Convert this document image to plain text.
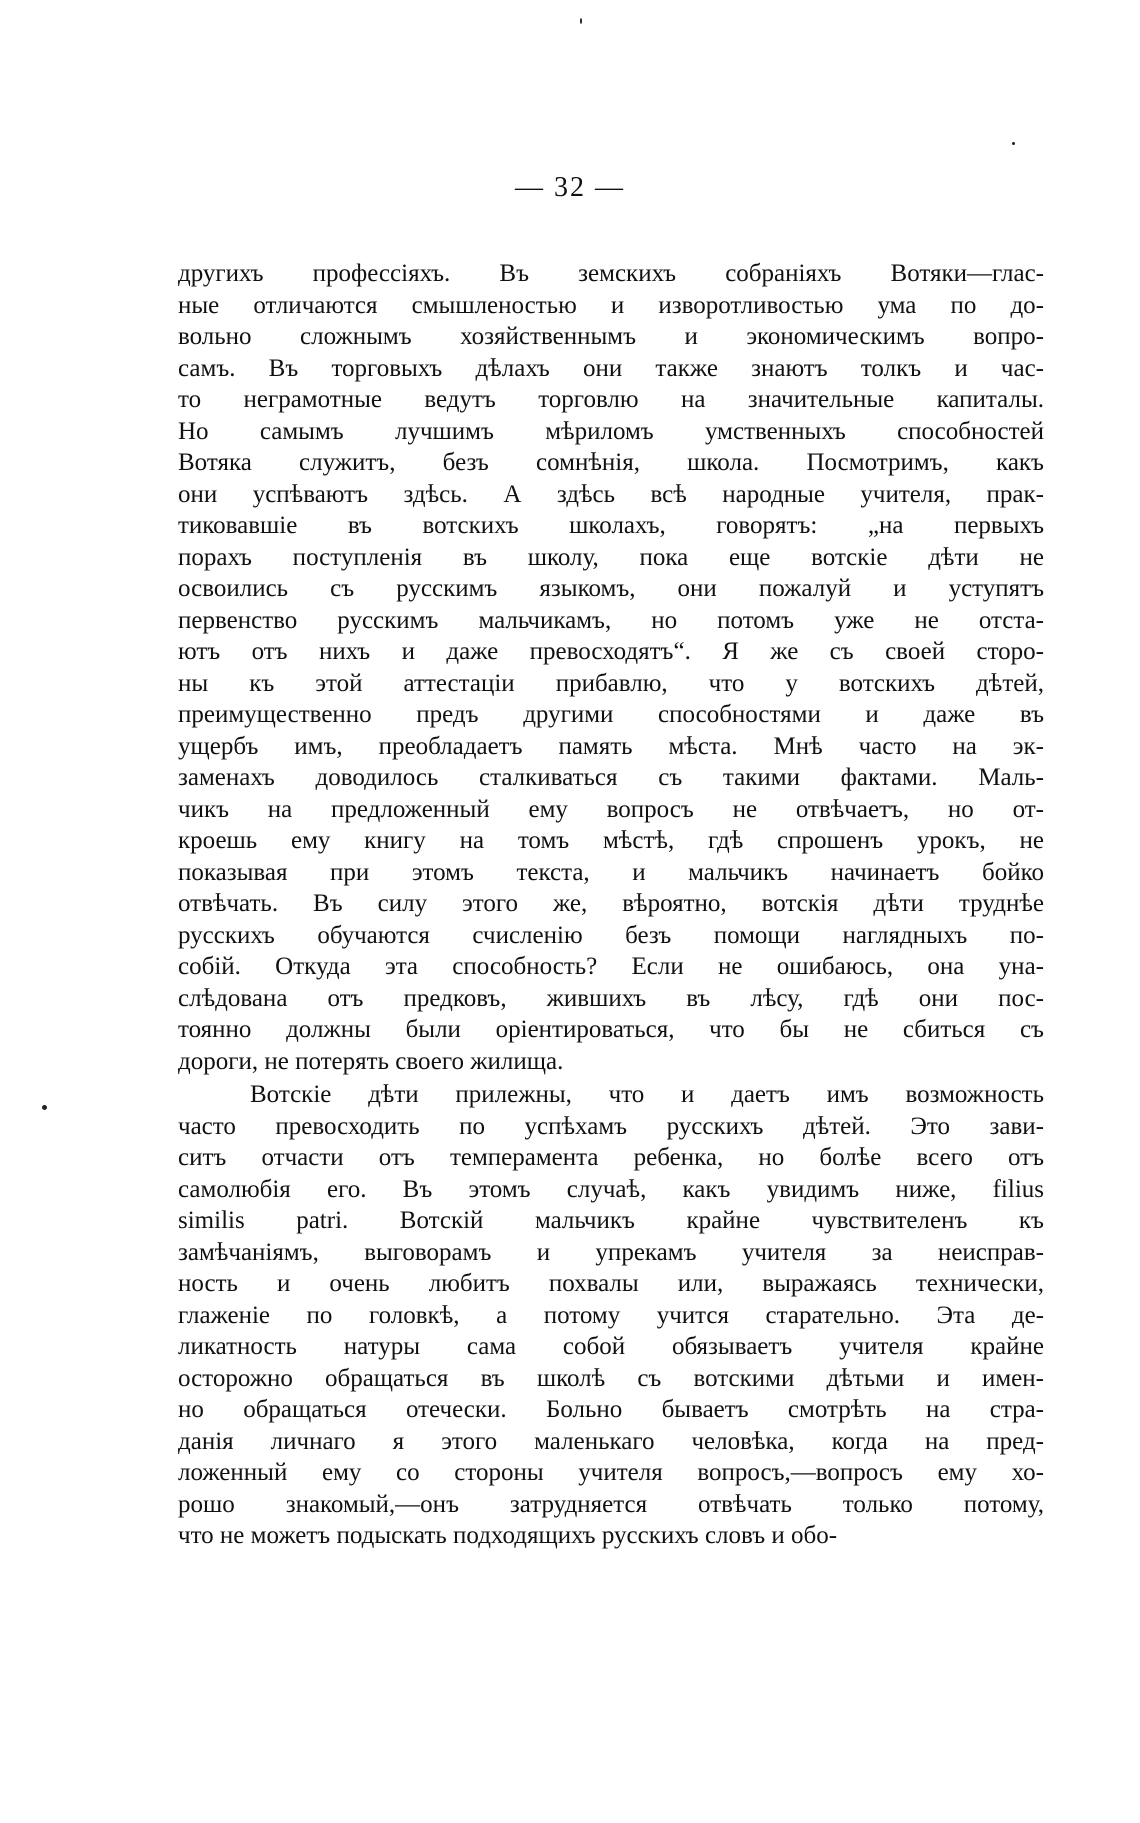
— 32 —
другихъ профессіяхъ. Въ земскихъ собраніяхъ Вотяки—глас-
ные отличаются смышленостью и изворотливостью ума по до-
вольно сложнымъ хозяйственнымъ и экономическимъ вопро-
самъ. Въ торговыхъ дѣлахъ они также знаютъ толкъ и час-
то неграмотные ведутъ торговлю на значительные капиталы.
Но самымъ лучшимъ мѣриломъ умственныхъ способностей
Вотяка служитъ, безъ сомнѣнія, школа. Посмотримъ, какъ
они успѣваютъ здѣсь. А здѣсь всѣ народные учителя, прак-
тиковавшіе въ вотскихъ школахъ, говорятъ: „на первыхъ
порахъ поступленія въ школу, пока еще вотскіе дѣти не
освоились съ русскимъ языкомъ, они пожалуй и уступятъ
первенство русскимъ мальчикамъ, но потомъ уже не отста-
ютъ отъ нихъ и даже превосходятъ“. Я же съ своей сторо-
ны къ этой аттестаціи прибавлю, что у вотскихъ дѣтей,
преимущественно предъ другими способностями и даже въ
ущербъ имъ, преобладаетъ память мѣста. Мнѣ часто на эк-
заменахъ доводилось сталкиваться съ такими фактами. Маль-
чикъ на предложенный ему вопросъ не отвѣчаетъ, но от-
кроешь ему книгу на томъ мѣстѣ, гдѣ спрошенъ урокъ, не
показывая при этомъ текста, и мальчикъ начинаетъ бойко
отвѣчать. Въ силу этого же, вѣроятно, вотскія дѣти труднѣе
русскихъ обучаются счисленію безъ помощи наглядныхъ по-
собій. Откуда эта способность? Если не ошибаюсь, она уна-
слѣдована отъ предковъ, жившихъ въ лѣсу, гдѣ они пос-
тоянно должны были оріентироваться, что бы не сбиться съ
дороги, не потерять своего жилища.
Вотскіе дѣти прилежны, что и даетъ имъ возможность
часто превосходить по успѣхамъ русскихъ дѣтей. Это зави-
ситъ отчасти отъ темперамента ребенка, но болѣе всего отъ
самолюбія его. Въ этомъ случаѣ, какъ увидимъ ниже, filius
similis patri. Вотскій мальчикъ крайне чувствителенъ къ
замѣчаніямъ, выговорамъ и упрекамъ учителя за неисправ-
ность и очень любитъ похвалы или, выражаясь технически,
глаженіе по головкѣ, а потому учится старательно. Эта де-
ликатность натуры сама собой обязываетъ учителя крайне
осторожно обращаться въ школѣ съ вотскими дѣтьми и имен-
но обращаться отечески. Больно бываетъ смотрѣть на стра-
данія личнаго я этого маленькаго человѣка, когда на пред-
ложенный ему со стороны учителя вопросъ,—вопросъ ему хо-
рошо знакомый,—онъ затрудняется отвѣчать только потому,
что не можетъ подыскать подходящихъ русскихъ словъ и обо-
